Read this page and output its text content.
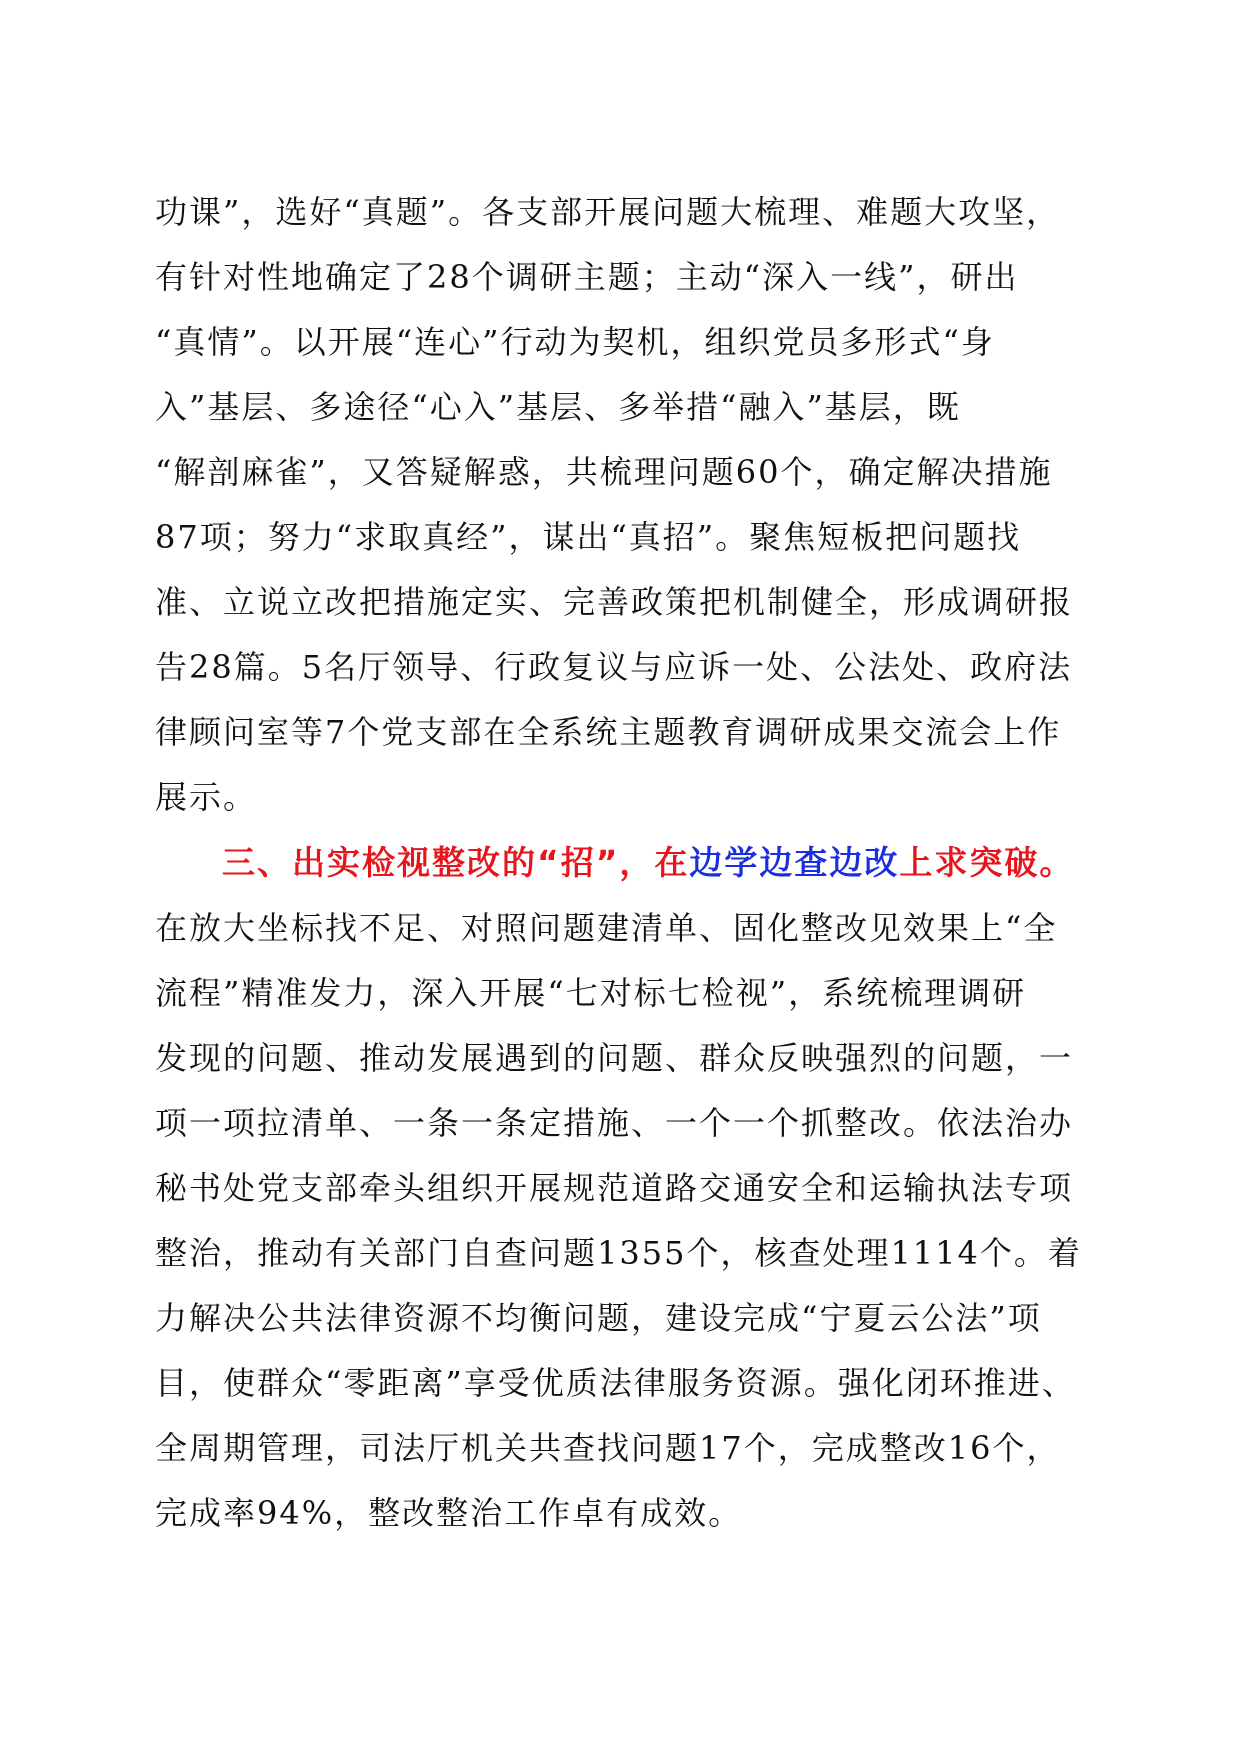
功课”，选好“真题”。各支部开展问题大梳理、难题大攻坚，
有针对性地确定了28个调研主题；主动“深入一线”，研出
“真情”。以开展“连心”行动为契机，组织党员多形式“身
入”基层、多途径“心入”基层、多举措“融入”基层，既
“解剖麻雀”，又答疑解惑，共梳理问题60个，确定解决措施
87项；努力“求取真经”，谋出“真招”。聚焦短板把问题找
准、立说立改把措施定实、完善政策把机制健全，形成调研报
告28篇。5名厅领导、行政复议与应诉一处、公法处、政府法
律顾问室等7个党支部在全系统主题教育调研成果交流会上作
展示。
三、出实检视整改的“招”，在边学边查边改上求突破。
在放大坐标找不足、对照问题建清单、固化整改见效果上“全
流程”精准发力，深入开展“七对标七检视”，系统梳理调研
发现的问题、推动发展遇到的问题、群众反映强烈的问题，一
项一项拉清单、一条一条定措施、一个一个抓整改。依法治办
秘书处党支部牵头组织开展规范道路交通安全和运输执法专项
整治，推动有关部门自查问题1355个，核查处理1114个。着
力解决公共法律资源不均衡问题，建设完成“宁夏云公法”项
目，使群众“零距离”享受优质法律服务资源。强化闭环推进、
全周期管理，司法厅机关共查找问题17个，完成整改16个，
完成率94%，整改整治工作卓有成效。
